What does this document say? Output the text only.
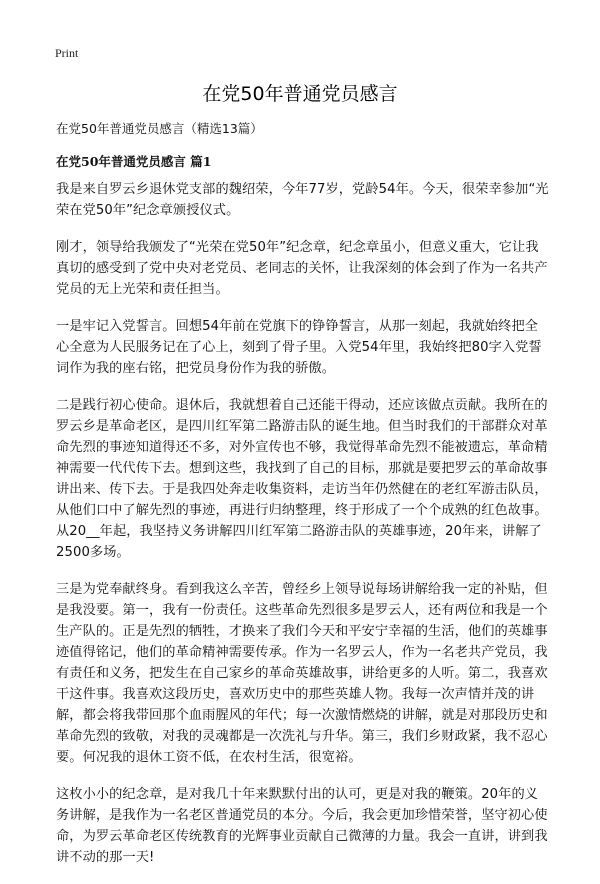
Print
在党50年普通党员感言

在党50年普通党员感言（精选13篇）

在党50年普通党员感言 篇1

我是来自罗云乡退休党支部的魏绍荣，今年77岁，党龄54年。今天，很荣幸参加“光荣在党50年”纪念章颁授仪式。

刚才，领导给我颁发了“光荣在党50年”纪念章，纪念章虽小，但意义重大，它让我真切的感受到了党中央对老党员、老同志的关怀，让我深刻的体会到了作为一名共产党员的无上光荣和责任担当。

一是牢记入党誓言。回想54年前在党旗下的铮铮誓言，从那一刻起，我就始终把全心全意为人民服务记在了心上，刻到了骨子里。入党54年里，我始终把80字入党誓词作为我的座右铭，把党员身份作为我的骄傲。

二是践行初心使命。退休后，我就想着自己还能干得动，还应该做点贡献。我所在的罗云乡是革命老区，是四川红军第二路游击队的诞生地。但当时我们的干部群众对革命先烈的事迹知道得还不多，对外宣传也不够，我觉得革命先烈不能被遗忘，革命精神需要一代代传下去。想到这些，我找到了自己的目标，那就是要把罗云的革命故事讲出来、传下去。于是我四处奔走收集资料，走访当年仍然健在的老红军游击队员，从他们口中了解先烈的事迹，再进行归纳整理，终于形成了一个个成熟的红色故事。从20__年起，我坚持义务讲解四川红军第二路游击队的英雄事迹，20年来，讲解了2500多场。

三是为党奉献终身。看到我这么辛苦，曾经乡上领导说每场讲解给我一定的补贴，但是我没要。第一，我有一份责任。这些革命先烈很多是罗云人，还有两位和我是一个生产队的。正是先烈的牺牲，才换来了我们今天和平安宁幸福的生活，他们的英雄事迹值得铭记，他们的革命精神需要传承。作为一名罗云人，作为一名老共产党员，我有责任和义务，把发生在自己家乡的革命英雄故事，讲给更多的人听。第二，我喜欢干这件事。我喜欢这段历史，喜欢历史中的那些英雄人物。我每一次声情并茂的讲解，都会将我带回那个血雨腥风的年代；每一次激情燃烧的讲解，就是对那段历史和革命先烈的致敬，对我的灵魂都是一次洗礼与升华。第三，我们乡财政紧，我不忍心要。何况我的退休工资不低，在农村生活，很宽裕。

这枚小小的纪念章，是对我几十年来默默付出的认可，更是对我的鞭策。20年的义务讲解，是我作为一名老区普通党员的本分。今后，我会更加珍惜荣誉，坚守初心使命，为罗云革命老区传统教育的光辉事业贡献自己微薄的力量。我会一直讲，讲到我讲不动的那一天!
